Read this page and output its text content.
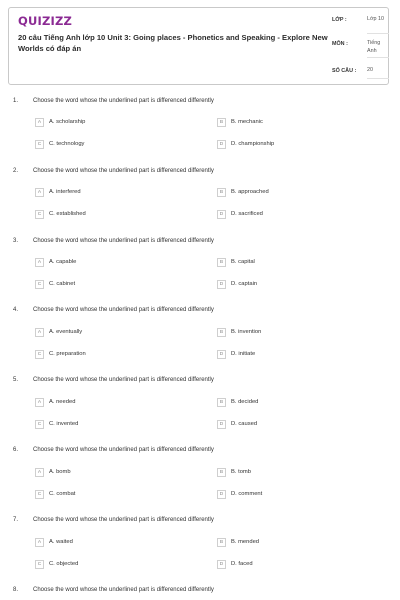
QUIZIZZ
20 câu Tiếng Anh lớp 10 Unit 3: Going places - Phonetics and Speaking - Explore New Worlds có đáp án
LỚP :	Lớp 10
MÔN :	Tiếng Anh
SỐ CÂU : 20
1. Choose the word whose the underlined part is differenced differently
A	A. scholarship	B	B. mechanic
C	C. technology	D	D. championship
2. Choose the word whose the underlined part is differenced differently
A	A. interfered	B	B. approached
C	C. established	D	D. sacrificed
3. Choose the word whose the underlined part is differenced differently
A	A. capable	B	B. capital
C	C. cabinet	D	D. captain
4. Choose the word whose the underlined part is differenced differently
A	A. eventually	B	B. invention
C	C. preparation	D	D. initiate
5. Choose the word whose the underlined part is differenced differently
A	A. needed	B	B. decided
C	C. invented	D	D. caused
6. Choose the word whose the underlined part is differenced differently
A	A. bomb	B	B. tomb
C	C. combat	D	D. comment
7. Choose the word whose the underlined part is differenced differently
A	A. waited	B	B. mended
C	C. objected	D	D. faced
8. Choose the word whose the underlined part is differenced differently
